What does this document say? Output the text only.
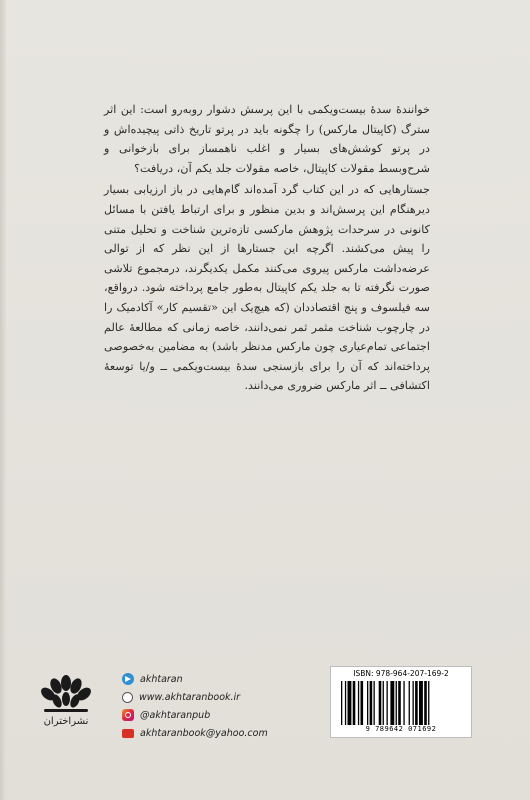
خوانندهٔ سدهٔ بیست‌ویکمی با این پرسش دشوار روبه‌رو است: این اثر سترگ (کاپیتال مارکس) را چگونه باید در پرتو تاریخ ذاتی پیچیده‌اش و در پرتو کوشش‌های بسیار و اغلب ناهمساز برای بازخوانی و شرح‌وبسط مقولات کاپیتال، خاصه مقولات جلد یکم آن، دریافت؟

جستارهایی که در این کتاب گرد آمده‌اند گام‌هایی در باز ارزیابی بسیار دیرهنگام این پرسش‌اند و بدین منظور و برای ارتباط یافتن با مسائل کانونی در سرحدات پژوهش مارکسی تازه‌ترین شناخت و تحلیل متنی را پیش می‌کشند. اگرچه این جستارها از این نظر که از توالی عرضه‌داشت مارکس پیروی می‌کنند مکمل یکدیگرند، درمجموع تلاشی صورت نگرفته تا به جلد یکم کاپیتال به‌طور جامع پرداخته شود. درواقع، سه فیلسوف و پنج اقتصاددان (که هیچ‌یک این «تقسیم کار» آکادمیک را در چارچوب شناخت مثمر ثمر نمی‌دانند، خاصه زمانی که مطالعهٔ عالم اجتماعی تمام‌عیاری چون مارکس مدنظر باشد) به مضامین به‌خصوصی پرداخته‌اند که آن را برای بازسنجی سدهٔ بیست‌ویکمی ــ و/یا توسعهٔ اکتشافی ــ اثر مارکس ضروری می‌دانند.

نشراختران
akhtaran
www.akhtaranbook.ir
@akhtaranpub
akhtaranbook@yahoo.com
ISBN: 978-964-207-169-2
9 789642 071692
